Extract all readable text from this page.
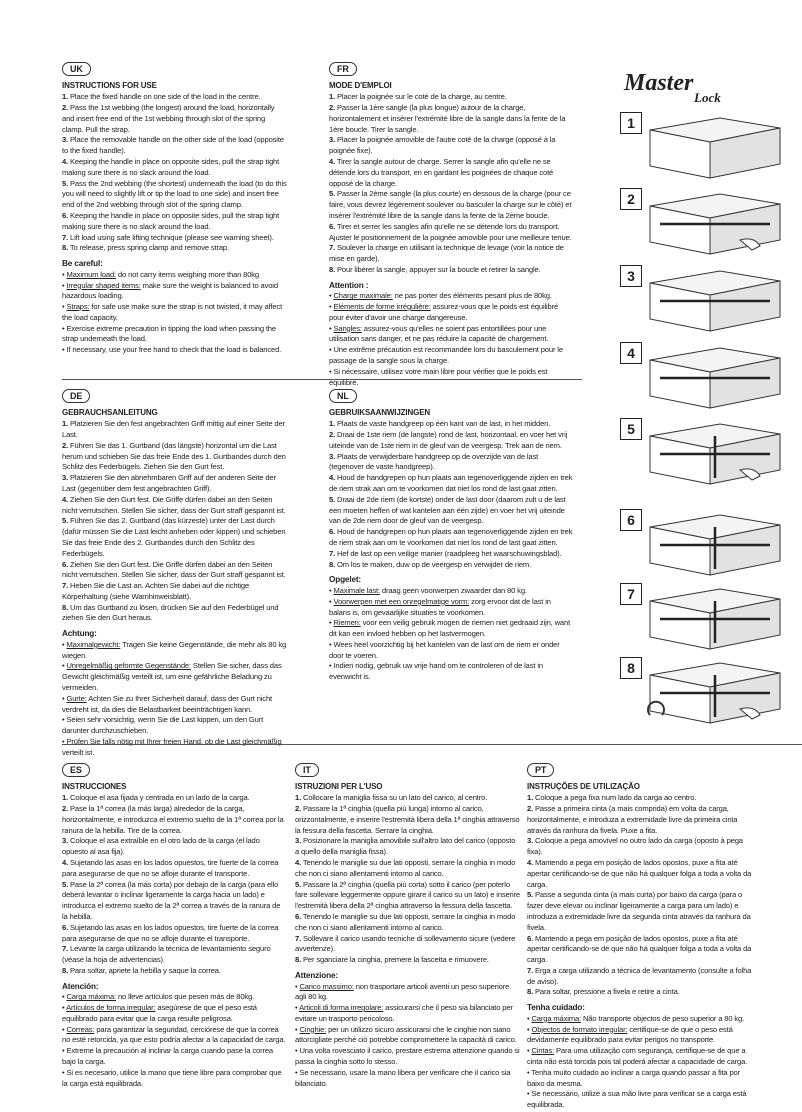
UK
INSTRUCTIONS FOR USE
1. Place the fixed handle on one side of the load in the centre.
2. Pass the 1st webbing (the longest) around the load, horizontally and insert free end of the 1st webbing through slot of the spring clamp. Pull the strap.
3. Place the removable handle on the other side of the load (opposite to the fixed handle).
4. Keeping the handle in place on opposite sides, pull the strap tight making sure there is no slack around the load.
5. Pass the 2nd webbing (the shortest) underneath the load (to do this you will need to slightly lift or tip the load to one side) and insert free end of the 2nd webbing through slot of the spring clamp.
6. Keeping the handle in place on opposite sides, pull the strap tight making sure there is no slack around the load.
7. Lift load using safe lifting technique (please see warning sheet).
8. To release, press spring clamp and remove strap.
Be careful:
• Maximum load: do not carry items weighing more than 80kg
• Irregular shaped items: make sure the weight is balanced to avoid hazardous loading.
• Straps: for safe use make sure the strap is not twisted, it may affect the load capacity.
• Exercise extreme precaution in tipping the load when passing the strap underneath the load.
• If necessary, use your free hand to check that the load is balanced.
FR
MODE D'EMPLOI
1. Placer la poignée sur le coté de la charge, au centre.
2. Passer la 1ère sangle (la plus longue) autour de la charge, horizontalement et insérer l'extrémité libre de la sangle dans la fente de la 1ère boucle. Tirer la sangle.
3. Placer la poignée amovible de l'autre coté de la charge (opposé à la poignée fixe).
4. Tirer la sangle autour de charge. Serrer la sangle afin qu'elle ne se détende lors du transport, en en gardant les poignées de chaque coté opposé de la charge.
5. Passer la 2ème sangle (la plus courte) en dessous de la charge (pour ce faire, vous devrez légèrement soulever ou basculer la charge sur le côté) et insérer l'extrémité libre de la sangle dans la fente de la 2ème boucle.
6. Tirer et serrer les sangles afin qu'elle ne se détende lors du transport. Ajuster le positionnement de la poignée amovible pour une meilleure tenue.
7. Soulever la charge en utilisant la technique de levage (voir la notice de mise en garde).
8. Pour libérer la sangle, appuyer sur la boucle et retirer la sangle.
Attention :
• Charge maximale: ne pas porter des éléments pesant plus de 80kg.
• Eléments de forme irrégulière: assurez-vous que le poids est équilibré pour éviter d'avoir une charge dangereuse.
• Sangles: assurez-vous qu'elles ne soient pas entortillées pour une utilisation sans danger, et ne pas réduire la capacité de chargement.
• Une extrême précaution est recommandée lors du basculement pour le passage de la sangle sous la charge.
• Si nécessaire, utilisez votre main libre pour vérifier que le poids est équilibré.
DE
GEBRAUCHSANLEITUNG
1. Platzieren Sie den fest angebrachten Griff mittig auf einer Seite der Last.
2. Führen Sie das 1. Gurtband (das längste) horizontal um die Last herum und schieben Sie das freie Ende des 1. Gurtbandes durch den Schlitz des Federbügels. Ziehen Sie den Gurt fest.
3. Platzieren Sie den abnehmbaren Griff auf der anderen Seite der Last (gegenüber dem fest angebrachten Griff).
4. Ziehen Sie den Gurt fest. Die Griffe dürfen dabei an den Seiten nicht verrutschen. Stellen Sie sicher, dass der Gurt straff gespannt ist.
5. Führen Sie das 2. Gurtband (das kürzeste) unter der Last durch (dafür müssen Sie die Last leicht anheben oder kippen) und schieben Sie das freie Ende des 2. Gurtbandes durch den Schlitz des Federbügels.
6. Ziehen Sie den Gurt fest. Die Griffe dürfen dabei an den Seiten nicht verrutschen. Stellen Sie sicher, dass der Gurt straff gespannt ist.
7. Heben Sie die Last an. Achten Sie dabei auf die richtige Körperhaltung (siehe Warnhinweisblatt).
8. Um das Gurtband zu lösen, drücken Sie auf den Federbügel und ziehen Sie den Gurt heraus.
Achtung:
• Maximalgewicht: Tragen Sie keine Gegenstände, die mehr als 80 kg wiegen.
• Unregelmäßig geformte Gegenstände: Stellen Sie sicher, dass das Gewicht gleichmäßig verteilt ist, um eine gefährliche Beladung zu vermeiden.
• Gurte: Achten Sie zu Ihrer Sicherheit darauf, dass der Gurt nicht verdreht ist, da dies die Belastbarkeit beeinträchtigen kann.
• Seien sehr vorsichtig, wenn Sie die Last kippen, um den Gurt darunter durchzuschieben.
• Prüfen Sie falls nötig mit Ihrer freien Hand, ob die Last gleichmäßig verteilt ist.
NL
GEBRUIKSAANWIJZINGEN
1. Plaats de vaste handgreep op één kant van de last, in het midden.
2. Draai de 1ste riem (de langste) rond de last, horizontaal, en voer het vrij uiteinde van de 1ste riem in de gleuf van de veergesp. Trek aan de riem.
3. Plaats de verwijderbare handgreep op de overzijde van de last (tegenover de vaste handgreep).
4. Houd de handgrepen op hun plaats aan tegenoverliggende zijden en trek de riem strak aan om te voorkomen dat niet los rond de last gaat zitten.
5. Draai de 2de riem (de kortste) onder de last door (daarom zult u de last een moeten heffen of wat kantelen aan één zijde) en voer het vrij uiteinde van de 2de riem door de gleuf van de veergesp.
6. Houd de handgrepen op hun plaats aan tegenoverliggende zijden en trek de riem strak aan om te voorkomen dat niet los rond de last gaat zitten.
7. Hef de last op een veilige manier (raadpleeg het waarschuwingsblad).
8. Om los te maken, duw op de veergesp en verwijder de riem.
Opgelet:
• Maximale last: draag geen voorwerpen zwaarder dan 80 kg.
• Voorwerpen met een onregelmatige vorm: zorg ervoor dat de last in balans is, om gevaarlijke situaties te voorkomen.
• Riemen: voor een veilig gebruik mogen de riemen niet gedraaid zijn, want dit kan een invloed hebben op het lastvermogen.
• Wees heel voorzichtig bij het kantelen van de last om de riem er onder door te voeren.
• Indien nodig, gebruik uw vrije hand om te controleren of de last in evenwicht is.
ES
INSTRUCCIONES
1. Coloque el asa fijada y centrada en un lado de la carga.
2. Pase la 1ª correa (la más larga) alrededor de la carga, horizontalmente, e introduzca el extremo suelto de la 1ª correa por la ranura de la hebilla. Tire de la correa.
3. Coloque el asa extraíble en el otro lado de la carga (el lado opuesto al asa fija).
4. Sujetando las asas en los lados opuestos, tire fuerte de la correa para asegurarse de que no se afloje durante el transporte.
5. Pase la 2ª correa (la más corta) por debajo de la carga (para ello deberá levantar o inclinar ligeramente la carga hacia un lado) e introduzca el extremo suelto de la 2ª correa a través de la ranura de la hebilla.
6. Sujetando las asas en los lados opuestos, tire fuerte de la correa para asegurarse de que no se afloje durante el transporte.
7. Levante la carga utilizando la técnica de levantamiento seguro (véase la hoja de advertencias).
8. Para soltar, apriete la hebilla y saque la correa.
Atención:
• Carga máxima: no lleve artículos que pesen más de 80kg.
• Artículos de forma irregular: asegúrese de que el peso está equilibrado para evitar que la carga resulte peligrosa.
• Correas: para garantizar la seguridad, cerciórese de que la correa no esté retorcida, ya que esto podría afectar a la capacidad de carga.
• Extreme la precaución al inclinar la carga cuando pase la correa bajo la carga.
• Si es necesario, utilice la mano que tiene libre para comprobar que la carga está equilibrada.
IT
ISTRUZIONI PER L'USO
1. Collocare la maniglia fissa su un lato del carico, al centro.
2. Passare la 1ª cinghia (quella più lunga) intorno al carico, orizzontalmente, e inserire l'estremità libera della 1ª cinghia attraverso la fessura della fascetta. Serrare la cinghia.
3. Posizionare la maniglia amovibile sull'altro lato del carico (opposto a quello della maniglia fissa).
4. Tenendo le maniglie su due lati opposti, serrare la cinghia in modo che non ci siano allentamenti intorno al carico.
5. Passare la 2ª cinghia (quella più corta) sotto il carico (per poterlo fare sollevare leggermente oppure girare il carico su un lato) e inserire l'estremità libera della 2ª cinghia attraverso la fessura della fascetta.
6. Tenendo le maniglie su due lati opposti, serrare la cinghia in modo che non ci siano allentamenti intorno al carico.
7. Sollevare il carico usando tecniche di sollevamento sicure (vedere avvertenze).
8. Per sganciare la cinghia, premere la fascetta e rimuovere.
Attenzione:
• Carico massimo: non trasportare articoli aventi un peso superiore agli 80 kg.
• Articoli di forma irregolare: assicurarsi che il peso sia bilanciato per evitare un trasporto pericoloso.
• Cinghie: per un utilizzo sicuro assicurarsi che le cinghie non siano attorcigliate perché ciò potrebbe compromettere la capacità di carico.
• Una volta rovesciato il carico, prestare estrema attenzione quando si passa la cinghia sotto lo stesso.
• Se necessario, usare la mano libera per verificare che il carico sia bilanciato.
PT
INSTRUÇÕES DE UTILIZAÇÃO
1. Coloque a pega fixa num lado da carga ao centro.
2. Passe a primeira cinta (a mais comprida) em volta da carga, horizontalmente, e introduza a extremidade livre da primeira cinta através da ranhura da fivela. Puxe a fita.
3. Coloque a pega amovível no outro lado da carga (oposto à pega fixa).
4. Mantendo a pega em posição de lados opostos, puxe a fita até apertar certificando-se de que não há qualquer folga a toda a volta da carga.
5. Passe a segunda cinta (a mais curta) por baixo da carga (para o fazer deve elevar ou inclinar ligeiramente a carga para um lado) e introduza a extremidade livre da segunda cinta através da ranhura da fivela.
6. Mantendo a pega em posição de lados opostos, puxe a fita até apertar certificando-se de que não há qualquer folga a toda a volta da carga.
7. Erga a carga utilizando a técnica de levantamento (consulte a folha de aviso).
8. Para soltar, pressione a fivela e retire a cinta.
Tenha cuidado:
• Carga máxima: Não transporte objectos de peso superior a 80 kg.
• Objectos de formato irregular: certifique-se de que o peso está devidamente equilibrado para evitar perigos no transporte.
• Cintas: Para uma utilização com segurança, certifique-se de que a cinta não está torcida pois tal poderá afectar a capacidade de carga.
• Tenha muito cuidado ao inclinar a carga quando passar a fita por baixo da mesma.
• Se necessário, utilize a sua mão livre para verificar se a carga está equilibrada.
Master
Lock
1
2
3
4
5
6
7
8
